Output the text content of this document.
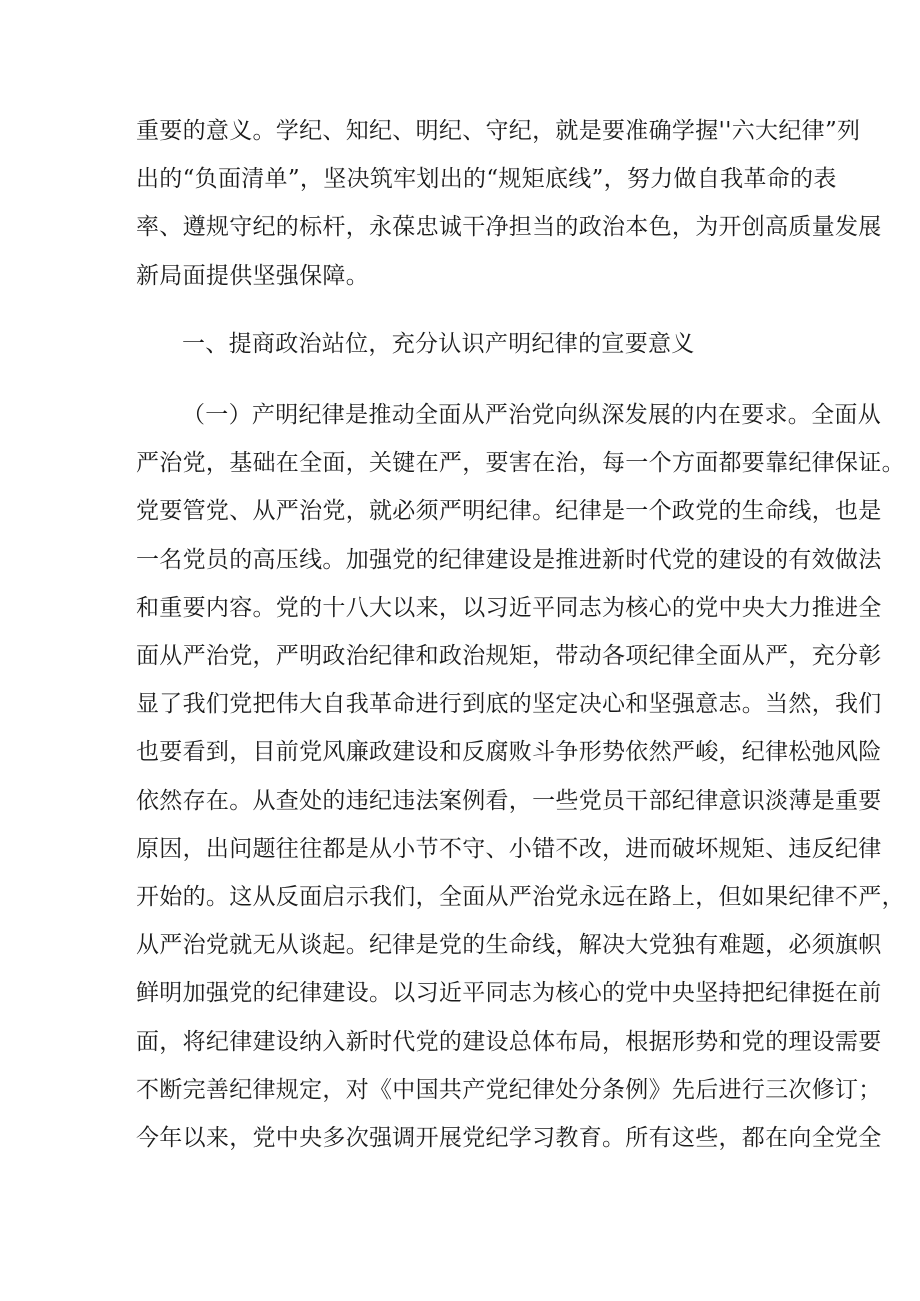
重要的意义。学纪、知纪、明纪、守纪，就是要准确学握''六大纪律”列
出的“负面清单”，坚决筑牢划出的“规矩底线”，努力做自我革命的表
率、遵规守纪的标杆，永葆忠诚干净担当的政治本色，为开创高质量发展
新局面提供坚强保障。
一、提商政治站位，充分认识产明纪律的宣要意义
（一）产明纪律是推动全面从严治党向纵深发展的内在要求。全面从
严治党，基础在全面，关键在严，要害在治，每一个方面都要靠纪律保证。
党要管党、从严治党，就必须严明纪律。纪律是一个政党的生命线，也是
一名党员的高压线。加强党的纪律建设是推进新时代党的建设的有效做法
和重要内容。党的十八大以来，以习近平同志为核心的党中央大力推进全
面从严治党，严明政治纪律和政治规矩，带动各项纪律全面从严，充分彰
显了我们党把伟大自我革命进行到底的坚定决心和坚强意志。当然，我们
也要看到，目前党风廉政建设和反腐败斗争形势依然严峻，纪律松弛风险
依然存在。从查处的违纪违法案例看，一些党员干部纪律意识淡薄是重要
原因，出问题往往都是从小节不守、小错不改，进而破坏规矩、违反纪律
开始的。这从反面启示我们，全面从严治党永远在路上，但如果纪律不严，
从严治党就无从谈起。纪律是党的生命线，解决大党独有难题，必须旗帜
鲜明加强党的纪律建设。以习近平同志为核心的党中央坚持把纪律挺在前
面，将纪律建设纳入新时代党的建设总体布局，根据形势和党的理设需要
不断完善纪律规定，对《中国共产党纪律处分条例》先后进行三次修订；
今年以来，党中央多次强调开展党纪学习教育。所有这些，都在向全党全
